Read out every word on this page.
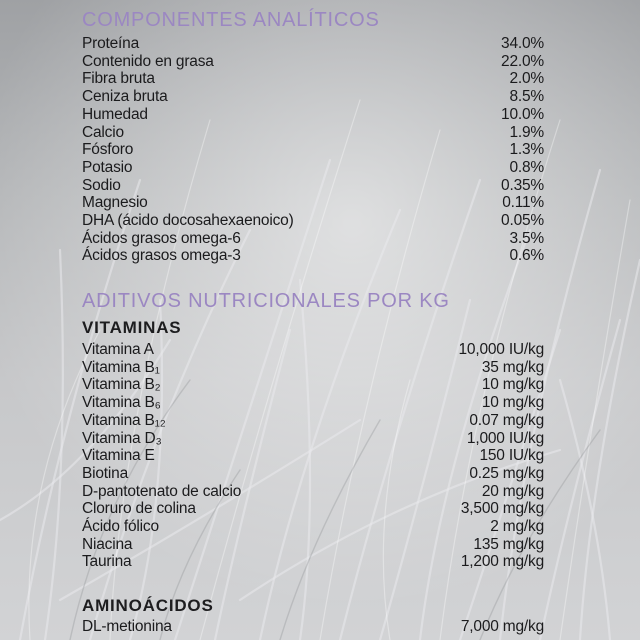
COMPONENTES ANALÍTICOS
Proteína	34.0%
Contenido en grasa	22.0%
Fibra bruta	2.0%
Ceniza bruta	8.5%
Humedad	10.0%
Calcio	1.9%
Fósforo	1.3%
Potasio	0.8%
Sodio	0.35%
Magnesio	0.11%
DHA (ácido docosahexaenoico)	0.05%
Ácidos grasos omega-6	3.5%
Ácidos grasos omega-3	0.6%
ADITIVOS NUTRICIONALES POR KG
VITAMINAS
Vitamina A	10,000 IU/kg
Vitamina B₁	35 mg/kg
Vitamina B₂	10 mg/kg
Vitamina B₆	10 mg/kg
Vitamina B₁₂	0.07 mg/kg
Vitamina D₃	1,000 IU/kg
Vitamina E	150 IU/kg
Biotina	0.25 mg/kg
D-pantotenato de calcio	20 mg/kg
Cloruro de colina	3,500 mg/kg
Ácido fólico	2 mg/kg
Niacina	135 mg/kg
Taurina	1,200 mg/kg
AMINOÁCIDOS
DL-metionina	7,000 mg/kg
